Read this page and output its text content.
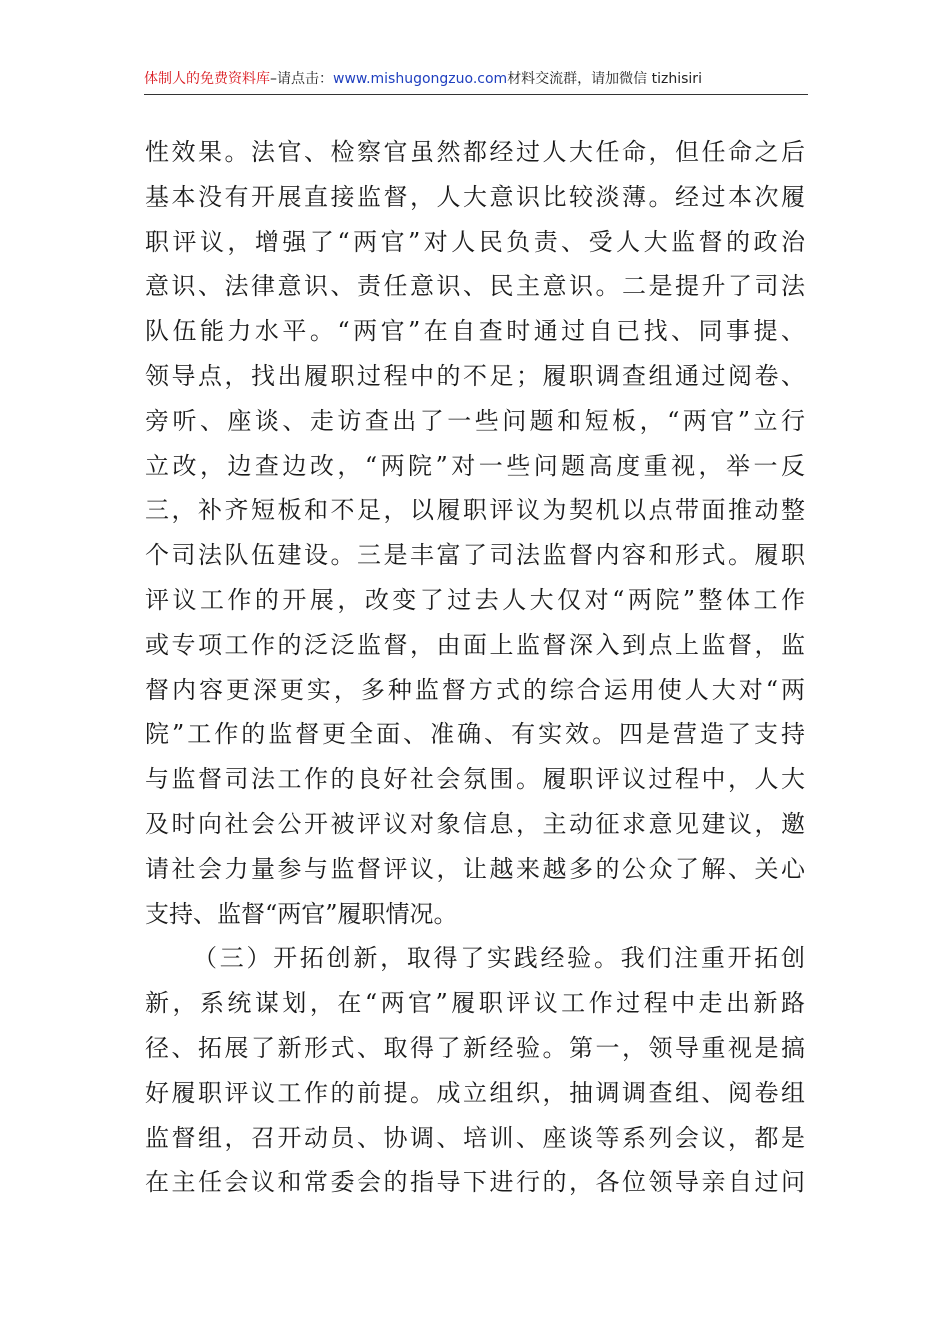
体制人的免费资料库–请点击：www.mishugongzuo.com材料交流群，请加微信 tizhisiri
性效果。法官、检察官虽然都经过人大任命，但任命之后
基本没有开展直接监督，人大意识比较淡薄。经过本次履
职评议，增强了“两官”对人民负责、受人大监督的政治
意识、法律意识、责任意识、民主意识。二是提升了司法
队伍能力水平。“两官”在自查时通过自已找、同事提、
领导点，找出履职过程中的不足；履职调查组通过阅卷、
旁听、座谈、走访查出了一些问题和短板，“两官”立行
立改，边查边改，“两院”对一些问题高度重视，举一反
三，补齐短板和不足，以履职评议为契机以点带面推动整
个司法队伍建设。三是丰富了司法监督内容和形式。履职
评议工作的开展，改变了过去人大仅对“两院”整体工作
或专项工作的泛泛监督，由面上监督深入到点上监督，监
督内容更深更实，多种监督方式的综合运用使人大对“两
院”工作的监督更全面、准确、有实效。四是营造了支持
与监督司法工作的良好社会氛围。履职评议过程中，人大
及时向社会公开被评议对象信息，主动征求意见建议，邀
请社会力量参与监督评议，让越来越多的公众了解、关心
支持、监督“两官”履职情况。
（三）开拓创新，取得了实践经验。我们注重开拓创
新，系统谋划，在“两官”履职评议工作过程中走出新路
径、拓展了新形式、取得了新经验。第一，领导重视是搞
好履职评议工作的前提。成立组织，抽调调查组、阅卷组
监督组，召开动员、协调、培训、座谈等系列会议，都是
在主任会议和常委会的指导下进行的，各位领导亲自过问
